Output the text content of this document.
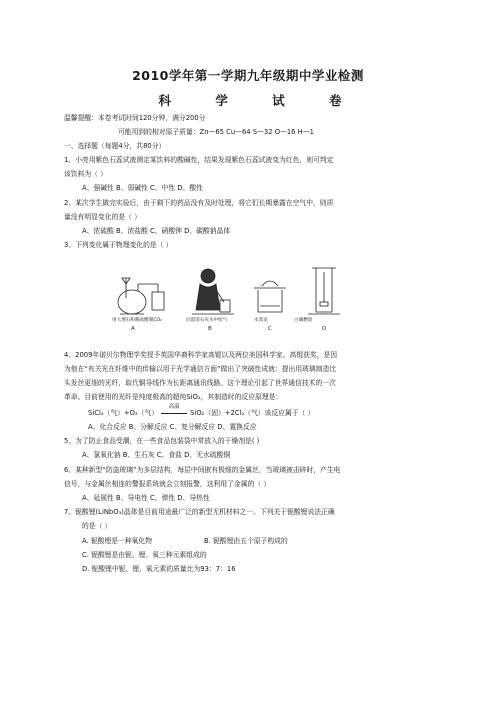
2010学年第一学期九年级期中学业检测
科 学 试 卷
温馨提醒：本卷考试时间120分钟，满分200分
可能用到的相对原子质量：Zn—65 Cu—64 S—32 O—16 H—1
一、选择题（每题4分，共80分）
1、小亮用紫色石蕊试液测定某饮料的酸碱性，结果发现紫色石蕊试液变为红色，则可判定
该饮料为（ ）
A、强碱性 B、弱碱性 C、中性 D、酸性
2、某次学生做完实验后，由于剩下的药品没有及时处理，将它们长期暴露在空气中，则质
量没有明显变化的是（ ）
A、浓硫酸 B、浓盐酸 C、硝酸钾 D、碳酸钠晶体
3、下列变化属于物理变化的是（ ）
用大理石和稀盐酸制CO₂	向澄清石灰水中吹气	水蒸发	白磷燃烧
A	B	C	D
4、2009年诺贝尔物理学奖授予英国华裔科学家高锟以及两位美国科学家。高锟获奖，是因
为他在“有关光在纤维中的传输以用于光学通信方面”做出了突破性成就：提出用玻璃制造比
头发丝更细的光纤，取代铜导线作为长距离通讯线路。这个理论引起了世界通信技术的一次
革命。目前使用的光纤是纯度极高的超纯SiO₂，其制造时的反应原理是：
SiCl₄（气）+O₂（气）
高温
SiO₂（固）+2Cl₂（气）该反应属于（ ）
A、化合反应 B、分解反应 C、复分解反应 D、置换反应
5、为了防止食品受潮，在一些食品包装袋中常放入的干燥剂是( )
A、氯氧化钠 B、生石灰 C、食盐 D、无水硫酸铜
6、某种新型“防盗玻璃”为多层结构，每层中间嵌有极细的金属丝，当玻璃被击碎时，产生电
信号，与金属丝相连的警报系统就会立刻报警，这利用了金属的（ ）
A、延展性 B、导电性 C、弹性 D、导热性
7、铌酸锂(LiNbO₃)晶体是目前用途最广泛的新型无机材料之一。下列关于铌酸锂说法正确
的是（ ）
A. 铌酸锂是一种氧化物	B. 铌酸锂由五个原子构成的
C. 铌酸锂是由铌、锂、氧三种元素组成的
D. 铌酸锂中铌、锂、氧元素的质量比为93：7：16
